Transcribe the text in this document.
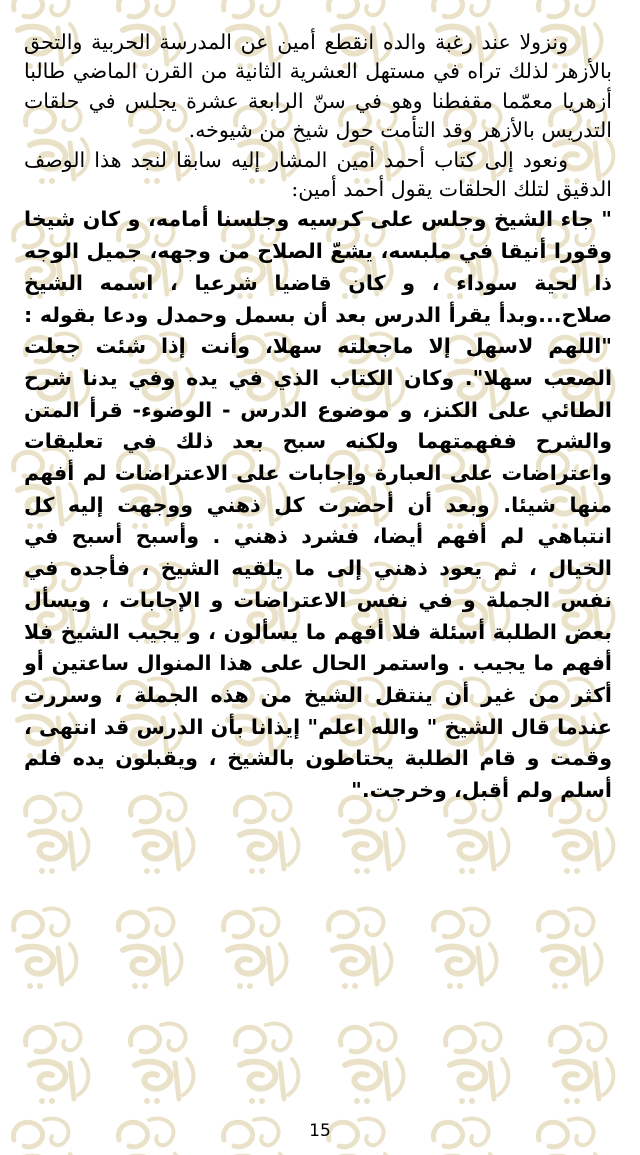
ونزولا عند رغبة والده انقطع أمين عن المدرسة الحربية والتحق بالأزهر لذلك تراه في مستهل العشرية الثانية من القرن الماضي طالبا أزهريا معمّما مقفطنا وهو في سنّ الرابعة عشرة يجلس في حلقات التدريس بالأزهر وقد التأمت حول شيخ من شيوخه.

ونعود إلى كتاب أحمد أمين المشار إليه سابقا لنجد هذا الوصف الدقيق لتلك الحلقات يقول أحمد أمين:

" جاء الشيخ وجلس على كرسيه وجلسنا أمامه، و كان شيخا وقورا أنيقا في ملبسه، يشعّ الصلاح من وجهه، جميل الوجه ذا لحية سوداء ، و كان قاضيا شرعيا ، اسمه الشيخ صلاح...وبدأ يقرأ الدرس بعد أن بسمل وحمدل ودعا بقوله : "اللهم لاسهل إلا ماجعلته سهلا، وأنت إذا شئت جعلت الصعب سهلا". وكان الكتاب الذي في يده وفي يدنا شرح الطائي على الكنز، و موضوع الدرس - الوضوء- قرأ المتن والشرح ففهمتهما ولكنه سبح بعد ذلك في تعليقات واعتراضات على العبارة وإجابات على الاعتراضات لم أفهم منها شيئا. وبعد أن أحضرت كل ذهني ووجهت إليه كل انتباهي لم أفهم أيضا، فشرد ذهني . وأسبح أسبح في الخيال ، ثم يعود ذهني إلى ما يلقيه الشيخ ، فأجده في نفس الجملة و في نفس الاعتراضات و الإجابات ، ويسأل بعض الطلبة أسئلة فلا أفهم ما يسألون ، و يجيب الشيخ فلا أفهم ما يجيب . واستمر الحال على هذا المنوال ساعتين أو أكثر من غير أن ينتقل الشيخ من هذه الجملة ، وسررت عندما قال الشيخ " والله اعلم" إيذانا بأن الدرس قد انتهى ، وقمت و قام الطلبة يحتاطون بالشيخ ، ويقبلون يده فلم أسلم ولم أقبل، وخرجت."

15
